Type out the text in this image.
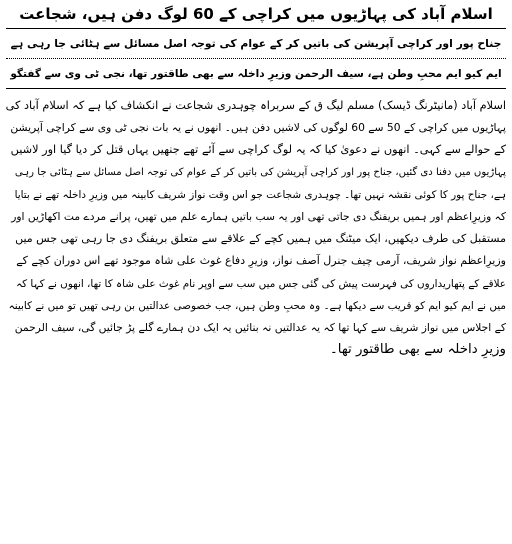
اسلام آباد کی پہاڑیوں میں کراچی کے 60 لوگ دفن ہیں، شجاعت
جناح پور اور کراچی آپریشن کی باتیں کر کے عوام کی توجہ اصل مسائل سے ہٹائی جا رہی ہے
ایم کیو ایم محبِ وطن ہے، سیف الرحمن وزیرِ داخلہ سے بھی طاقتور تھا، نجی ٹی وی سے گفتگو
اسلام آباد (مانیٹرنگ ڈیسک) مسلم لیگ ق کے سربراہ چوہدری شجاعت نے انکشاف کیا ہے کہ اسلام آباد کی
پہاڑیوں میں کراچی کے 50 سے 60 لوگوں کی لاشیں دفن ہیں۔ انھوں نے یہ بات نجی ٹی وی سے کراچی آپریشن
کے حوالے سے کہی۔ انھوں نے دعویٰ کیا کہ یہ لوگ کراچی سے آئے تھے جنھیں یہاں قتل کر دیا گیا اور لاشیں
پہاڑیوں میں دفنا دی گئیں، جناح پور اور کراچی آپریشن کی باتیں کر کے عوام کی توجہ اصل مسائل سے ہٹائی جا رہی
ہے، جناح پور کا کوئی نقشہ نہیں تھا۔ چوہدری شجاعت جو اس وقت نواز شریف کابینہ میں وزیرِ داخلہ تھے نے بتایا
کہ وزیرِاعظم اور ہمیں بریفنگ دی جاتی تھی اور یہ سب باتیں ہمارے علم میں تھیں، پرانے مردے مت اکھاڑیں اور
مستقبل کی طرف دیکھیں، ایک میٹنگ میں ہمیں کچے کے علاقے سے متعلق بریفنگ دی جا رہی تھی جس میں
وزیرِاعظم نواز شریف، آرمی چیف جنرل آصف نواز، وزیرِ دفاع غوث علی شاہ موجود تھے اس دوران کچے کے
علاقے کے پتھاریداروں کی فہرست پیش کی گئی جس میں سب سے اوپر نام غوث علی شاہ کا تھا، انھوں نے کہا کہ
میں نے ایم کیو ایم کو قریب سے دیکھا ہے۔ وہ محبِ وطن ہیں، جب خصوصی عدالتیں بن رہی تھیں تو میں نے کابینہ
کے اجلاس میں نواز شریف سے کہا تھا کہ یہ عدالتیں نہ بنائیں یہ ایک دن ہمارے گلے پڑ جائیں گی، سیف الرحمن
وزیرِ داخلہ سے بھی طاقتور تھا۔
